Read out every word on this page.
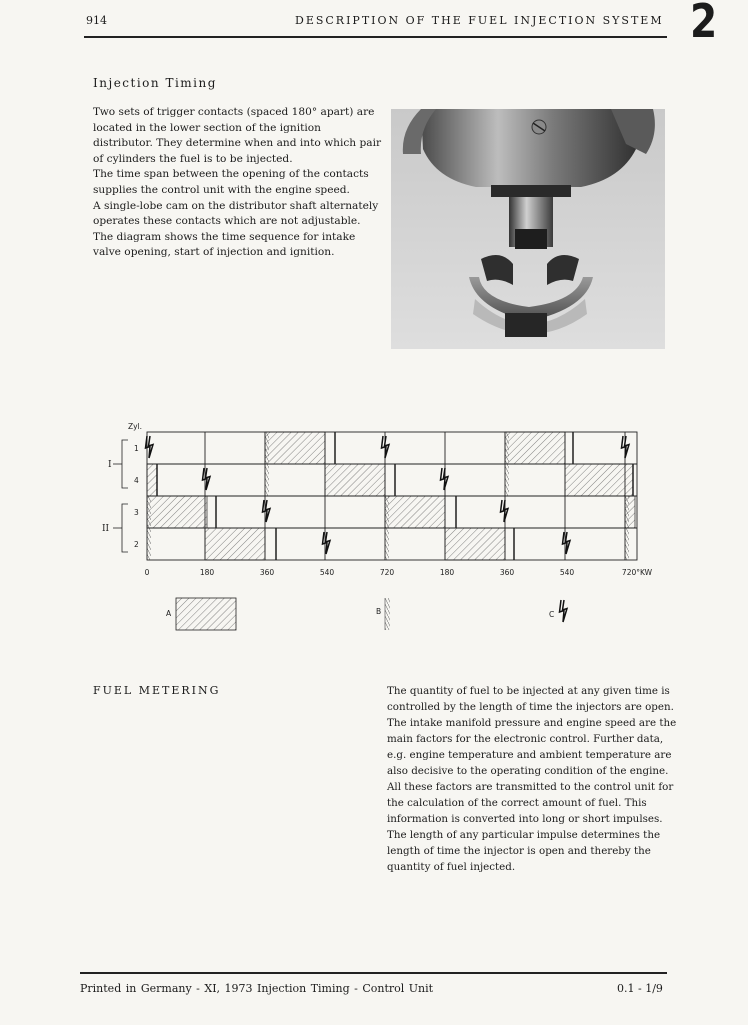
914	DESCRIPTION OF THE FUEL INJECTION SYSTEM 2
Injection Timing

Two sets of trigger contacts (spaced 180° apart) are located in the lower section of the ignition distributor. They determine when and into which pair of cylinders the fuel is to be injected.

The time span between the opening of the contacts supplies the control unit with the engine speed.

A single-lobe cam on the distributor shaft alternately operates these contacts which are not adjustable.

The diagram shows the time sequence for intake valve opening, start of injection and ignition.

Zyl.
1
4
3
2
I
II
0	180	360	540	720	180	360	540	720°KW
A	B	C
FUEL METERING	The quantity of fuel to be injected at any given time is controlled by the length of time the injectors are open. The intake manifold pressure and engine speed are the main factors for the electronic control. Further data, e.g. engine temperature and ambient temperature are also decisive to the operating condition of the engine. All these factors are transmitted to the control unit for the calculation of the correct amount of fuel. This information is converted into long or short impulses. The length of any particular impulse determines the length of time the injector is open and thereby the quantity of fuel injected.
Printed in Germany - XI, 1973 Injection Timing - Control Unit	0.1 - 1/9
